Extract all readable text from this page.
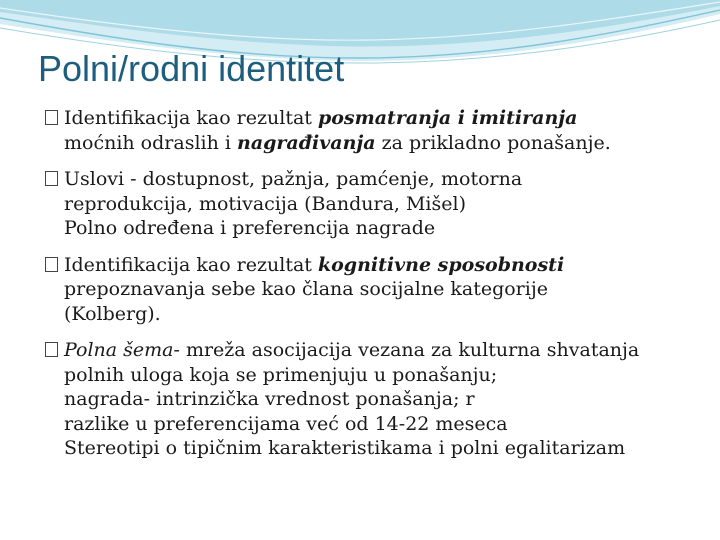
Polni/rodni identitet

Identifikacija kao rezultat posmatranja i imitiranja
moćnih odraslih i nagrađivanja za prikladno ponašanje.

Uslovi - dostupnost, pažnja, pamćenje, motorna
reprodukcija, motivacija (Bandura, Mišel)
Polno određena i preferencija nagrade

Identifikacija kao rezultat kognitivne sposobnosti
prepoznavanja sebe kao člana socijalne kategorije
(Kolberg).

Polna šema- mreža asocijacija vezana za kulturna shvatanja
polnih uloga koja se primenjuju u ponašanju;
nagrada- intrinzička vrednost ponašanja; r
razlike u preferencijama već od 14-22 meseca
Stereotipi o tipičnim karakteristikama i polni egalitarizam
